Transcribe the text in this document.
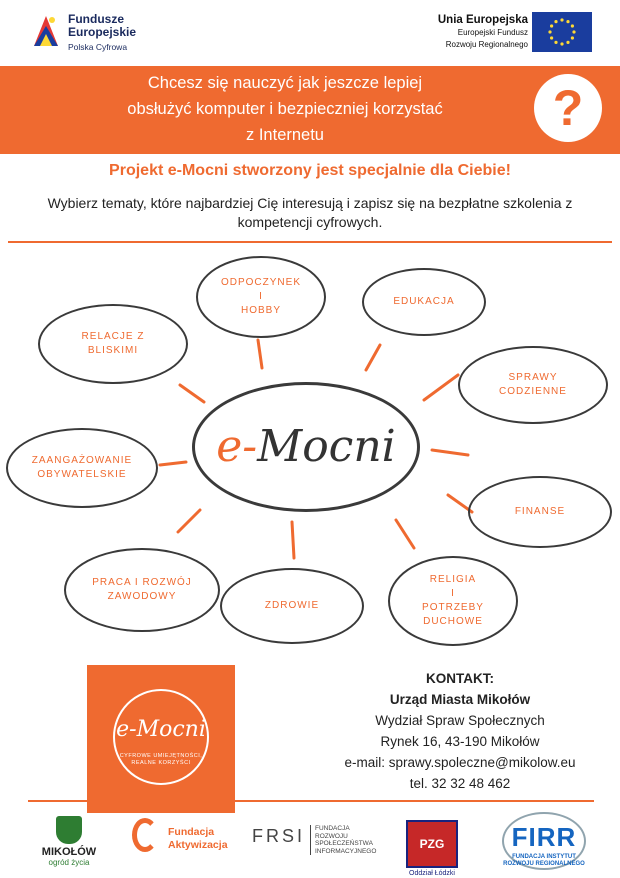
Fundusze
Europejskie
Polska Cyfrowa
Unia Europejska
Europejski Fundusz
Rozwoju Regionalnego
Chcesz się nauczyć jak jeszcze lepiej
obsłużyć komputer i bezpieczniej korzystać
z Internetu	?
Projekt e-Mocni stworzony jest specjalnie dla Ciebie!
Wybierz tematy, które najbardziej Cię interesują i zapisz się na bezpłatne szkolenia z kompetencji cyfrowych.
ODPOCZYNEK
I
HOBBY
EDUKACJA
RELACJE Z
BLISKIMI
SPRAWY
CODZIENNE
ZAANGAŻOWANIE
OBYWATELSKIE
e-Mocni
FINANSE
PRACA I ROZWÓJ
ZAWODOWY
ZDROWIE
RELIGIA
I
POTRZEBY
DUCHOWE
e-Mocni
CYFROWE UMIEJĘTNOŚCI,
REALNE KORZYŚCI
KONTAKT:
Urząd Miasta Mikołów
Wydział Spraw Społecznych
Rynek 16, 43-190 Mikołów
e-mail: sprawy.spoleczne@mikolow.eu
tel. 32 32 48 462
MIKOŁÓW
ogród życia
Fundacja
Aktywizacja FRSI	FUNDACJA
ROZWOJU
SPOŁECZEŃSTWA
INFORMACYJNEGO	PZG
Oddział Łódzki
FIRR
FUNDACJA INSTYTUT
ROZWOJU REGIONALNEGO
